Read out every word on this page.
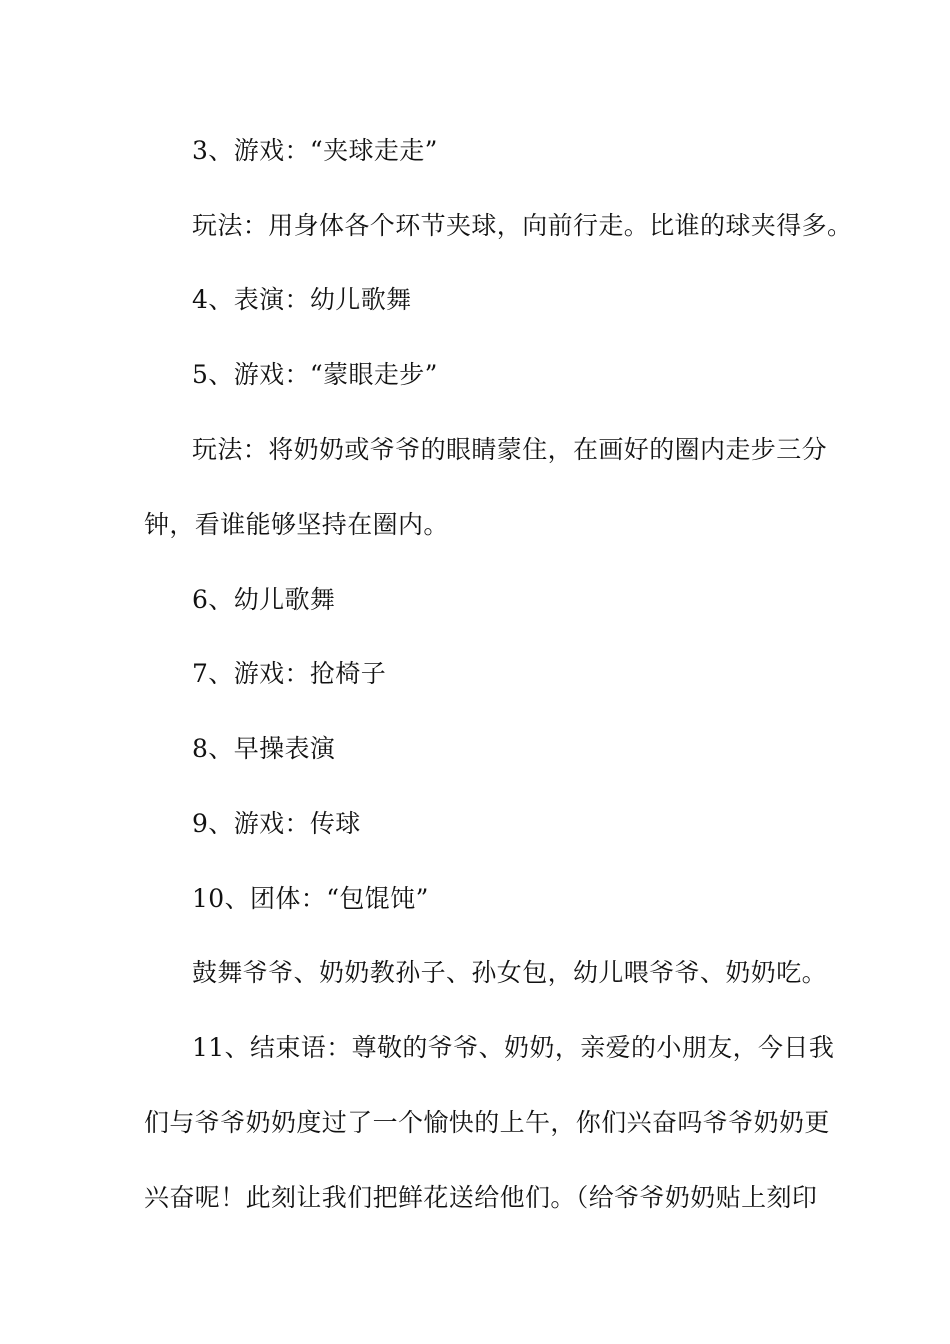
3、游戏：“夹球走走”
玩法：用身体各个环节夹球，向前行走。比谁的球夹得多。
4、表演：幼儿歌舞
5、游戏：“蒙眼走步”
玩法：将奶奶或爷爷的眼睛蒙住，在画好的圈内走步三分
钟，看谁能够坚持在圈内。
6、幼儿歌舞
7、游戏：抢椅子
8、早操表演
9、游戏：传球
10、团体：“包馄饨”
鼓舞爷爷、奶奶教孙子、孙女包，幼儿喂爷爷、奶奶吃。
11、结束语：尊敬的爷爷、奶奶，亲爱的小朋友，今日我
们与爷爷奶奶度过了一个愉快的上午，你们兴奋吗爷爷奶奶更
兴奋呢！此刻让我们把鲜花送给他们。（给爷爷奶奶贴上刻印
